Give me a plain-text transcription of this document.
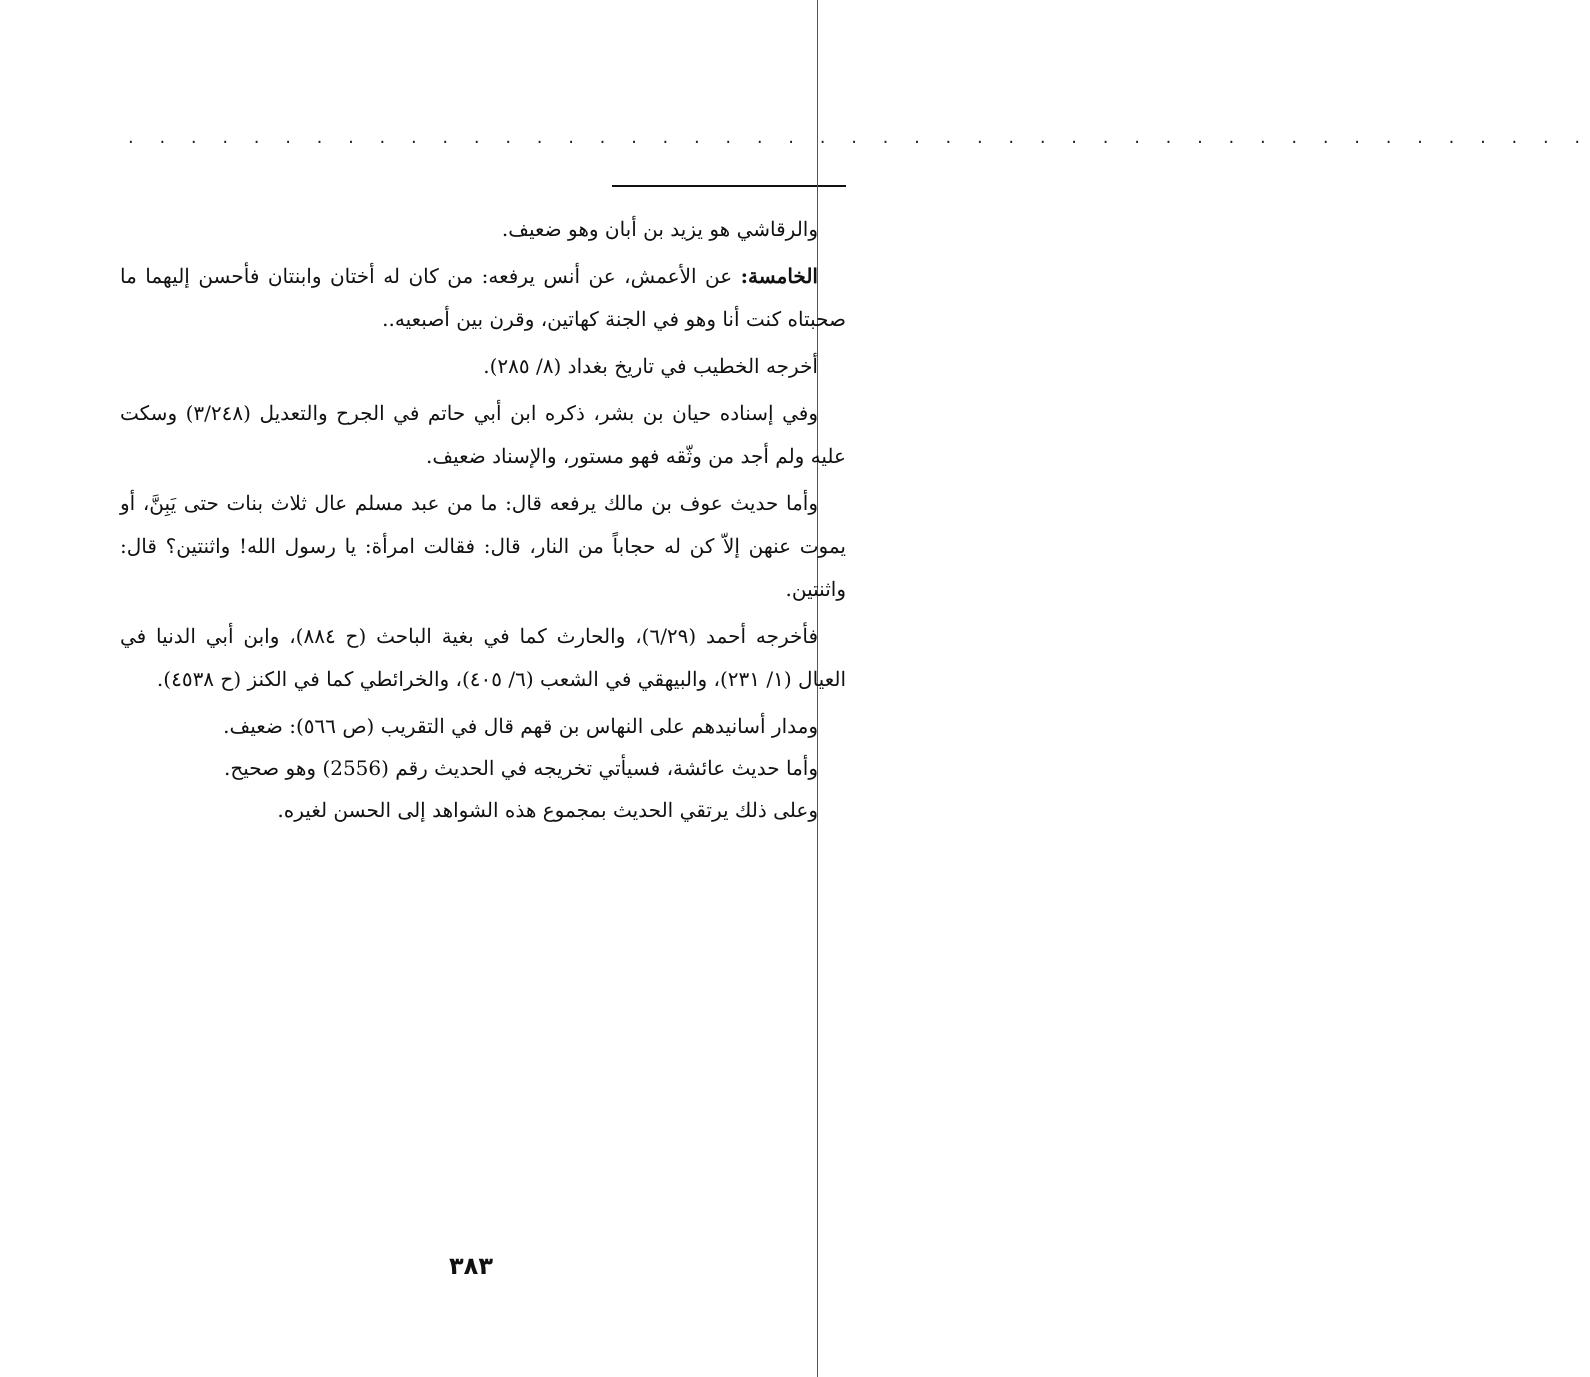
. . . . . . . . . . . . . . . . . . . . . . . . . . . . . . . . . . . . . . . . . . . . . . .

والرقاشي هو يزيد بن أبان وهو ضعيف.

الخامسة: عن الأعمش، عن أنس يرفعه: من كان له أختان وابنتان فأحسن إليهما ما صحبتاه كنت أنا وهو في الجنة كهاتين، وقرن بين أصبعيه..

أخرجه الخطيب في تاريخ بغداد (٨/ ٢٨٥).

وفي إسناده حيان بن بشر، ذكره ابن أبي حاتم في الجرح والتعديل (٣/٢٤٨) وسكت عليه ولم أجد من وثّقه فهو مستور، والإسناد ضعيف.

وأما حديث عوف بن مالك يرفعه قال: ما من عبد مسلم عال ثلاث بنات حتى يَبِنَّ، أو يموت عنهن إلاّ كن له حجاباً من النار، قال: فقالت امرأة: يا رسول الله! واثنتين؟ قال: واثنتين.

فأخرجه أحمد (٦/٢٩)، والحارث كما في بغية الباحث (ح ٨٨٤)، وابن أبي الدنيا في العيال (١/ ٢٣١)، والبيهقي في الشعب (٦/ ٤٠٥)، والخرائطي كما في الكنز (ح ٤٥٣٨).

ومدار أسانيدهم على النهاس بن قهم قال في التقريب (ص ٥٦٦): ضعيف.

وأما حديث عائشة، فسيأتي تخريجه في الحديث رقم (2556) وهو صحيح.

وعلى ذلك يرتقي الحديث بمجموع هذه الشواهد إلى الحسن لغيره.

٣٨٣
